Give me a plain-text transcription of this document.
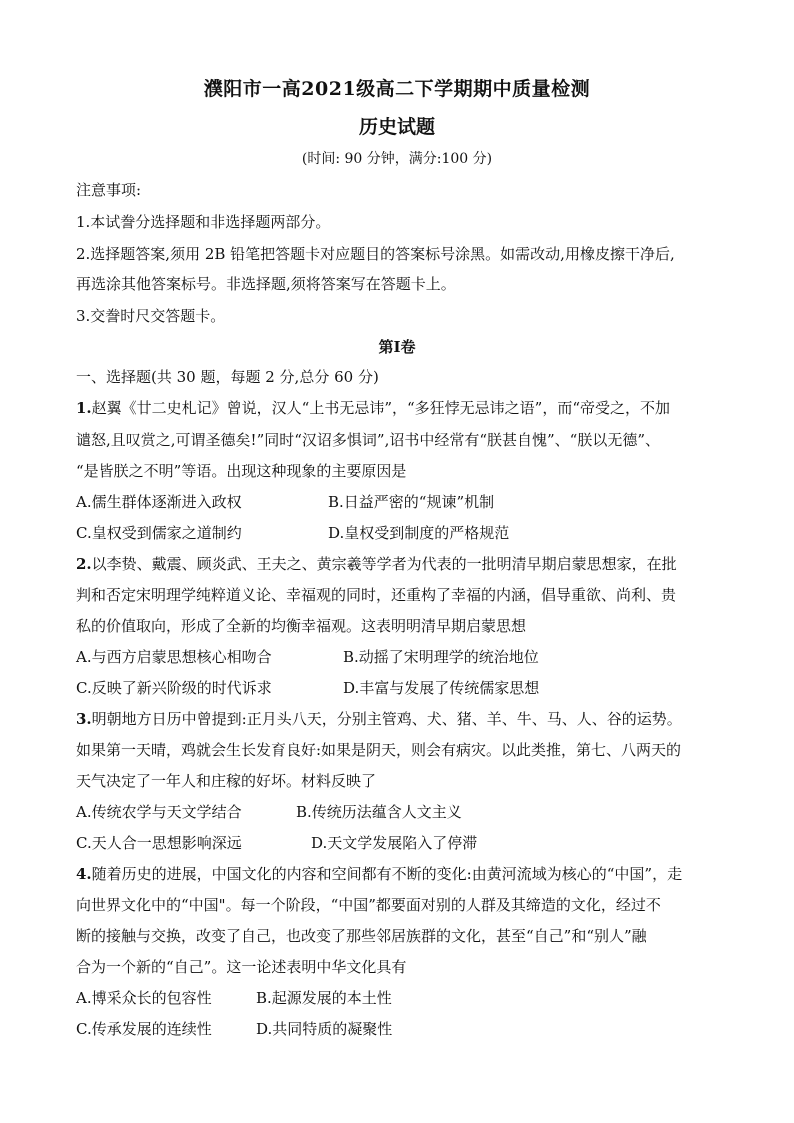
濮阳市一高2021级高二下学期期中质量检测
历史试题
(时间: 90 分钟，满分:100 分)
注意事项:
1.本试誊分选择题和非选择题两部分。
2.选择题答案,须用 2B 铅笔把答题卡对应题目的答案标号涂黑。如需改动,用橡皮擦干净后,
再选涂其他答案标号。非选择题,须将答案写在答题卡上。
3.交誊时尺交答题卡。
第Ⅰ卷
一、选择题(共 30 题，每题 2 分,总分 60 分)
1.赵翼《廿二史札记》曾说，汉人“上书无忌讳”，“多狂悖无忌讳之语”，而“帝受之，不加
谴怒,且叹赏之,可谓圣德矣!”同时“汉诏多惧词”,诏书中经常有“朕甚自愧”、“朕以无德”、
“是皆朕之不明”等语。出现这种现象的主要原因是
A.儒生群体逐渐进入政权	B.日益严密的“规谏”机制
C.皇权受到儒家之道制约	D.皇权受到制度的严格规范
2.以李贽、戴震、顾炎武、王夫之、黄宗羲等学者为代表的一批明清早期启蒙思想家，在批
判和否定宋明理学纯粹道义论、幸福观的同时，还重构了幸福的内涵，倡导重欲、尚利、贵
私的价值取向，形成了全新的均衡幸福观。这表明明清早期启蒙思想
A.与西方启蒙思想核心相吻合	B.动摇了宋明理学的统治地位
C.反映了新兴阶级的时代诉求	D.丰富与发展了传统儒家思想
3.明朝地方日历中曾提到:正月头八天，分别主管鸡、犬、猪、羊、牛、马、人、谷的运势。
如果第一天晴，鸡就会生长发育良好:如果是阴天，则会有病灾。以此类推，第七、八两天的
天气决定了一年人和庄稼的好坏。材料反映了
A.传统农学与天文学结合	B.传统历法蕴含人文主义
C.天人合一思想影响深远	D.天文学发展陷入了停滞
4.随着历史的进展，中国文化的内容和空间都有不断的变化:由黄河流域为核心的“中国”，走
向世界文化中的“中国"。每一个阶段，“中国”都要面对别的人群及其缔造的文化，经过不
断的接触与交换，改变了自己，也改变了那些邻居族群的文化，甚至“自己”和“别人”融
合为一个新的“自己”。这一论述表明中华文化具有
A.博采众长的包容性	B.起源发展的本土性
C.传承发展的连续性	D.共同特质的凝聚性
